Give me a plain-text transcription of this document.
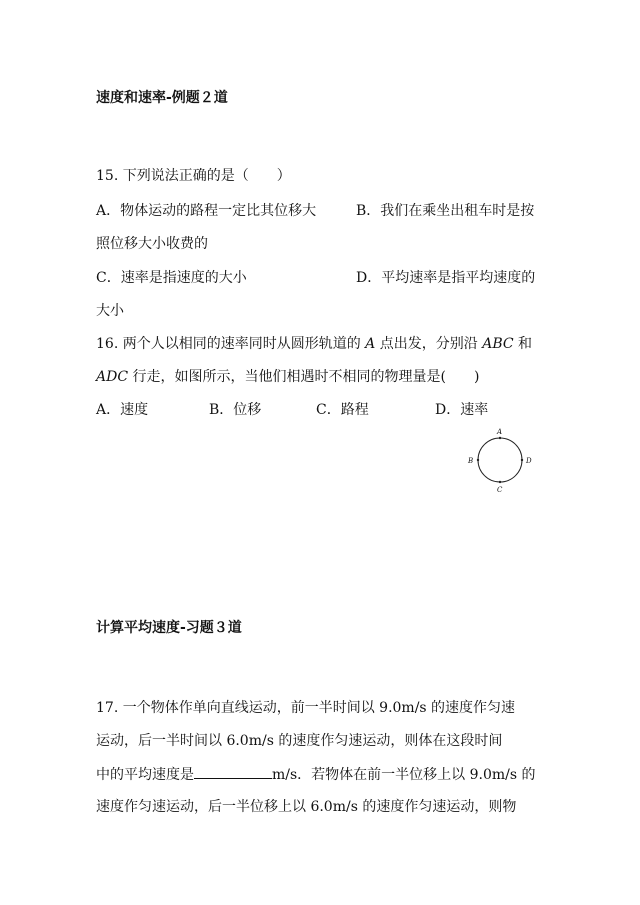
速度和速率-例题２道
15. 下列说法正确的是（　　）
A．物体运动的路程一定比其位移大	B．我们在乘坐出租车时是按
照位移大小收费的
C．速率是指速度的大小	D．平均速率是指平均速度的
大小
16. 两个人以相同的速率同时从圆形轨道的 A 点出发，分别沿 ABC 和
ADC 行走，如图所示，当他们相遇时不相同的物理量是(　　)
A．速度	B．位移	C．路程	D．速率
A
B
C
D
计算平均速度-习题３道
17. 一个物体作单向直线运动，前一半时间以 9.0m/s 的速度作匀速
运动，后一半时间以 6.0m/s 的速度作匀速运动，则体在这段时间
中的平均速度是	m/s．若物体在前一半位移上以 9.0m/s 的
速度作匀速运动，后一半位移上以 6.0m/s 的速度作匀速运动，则物
